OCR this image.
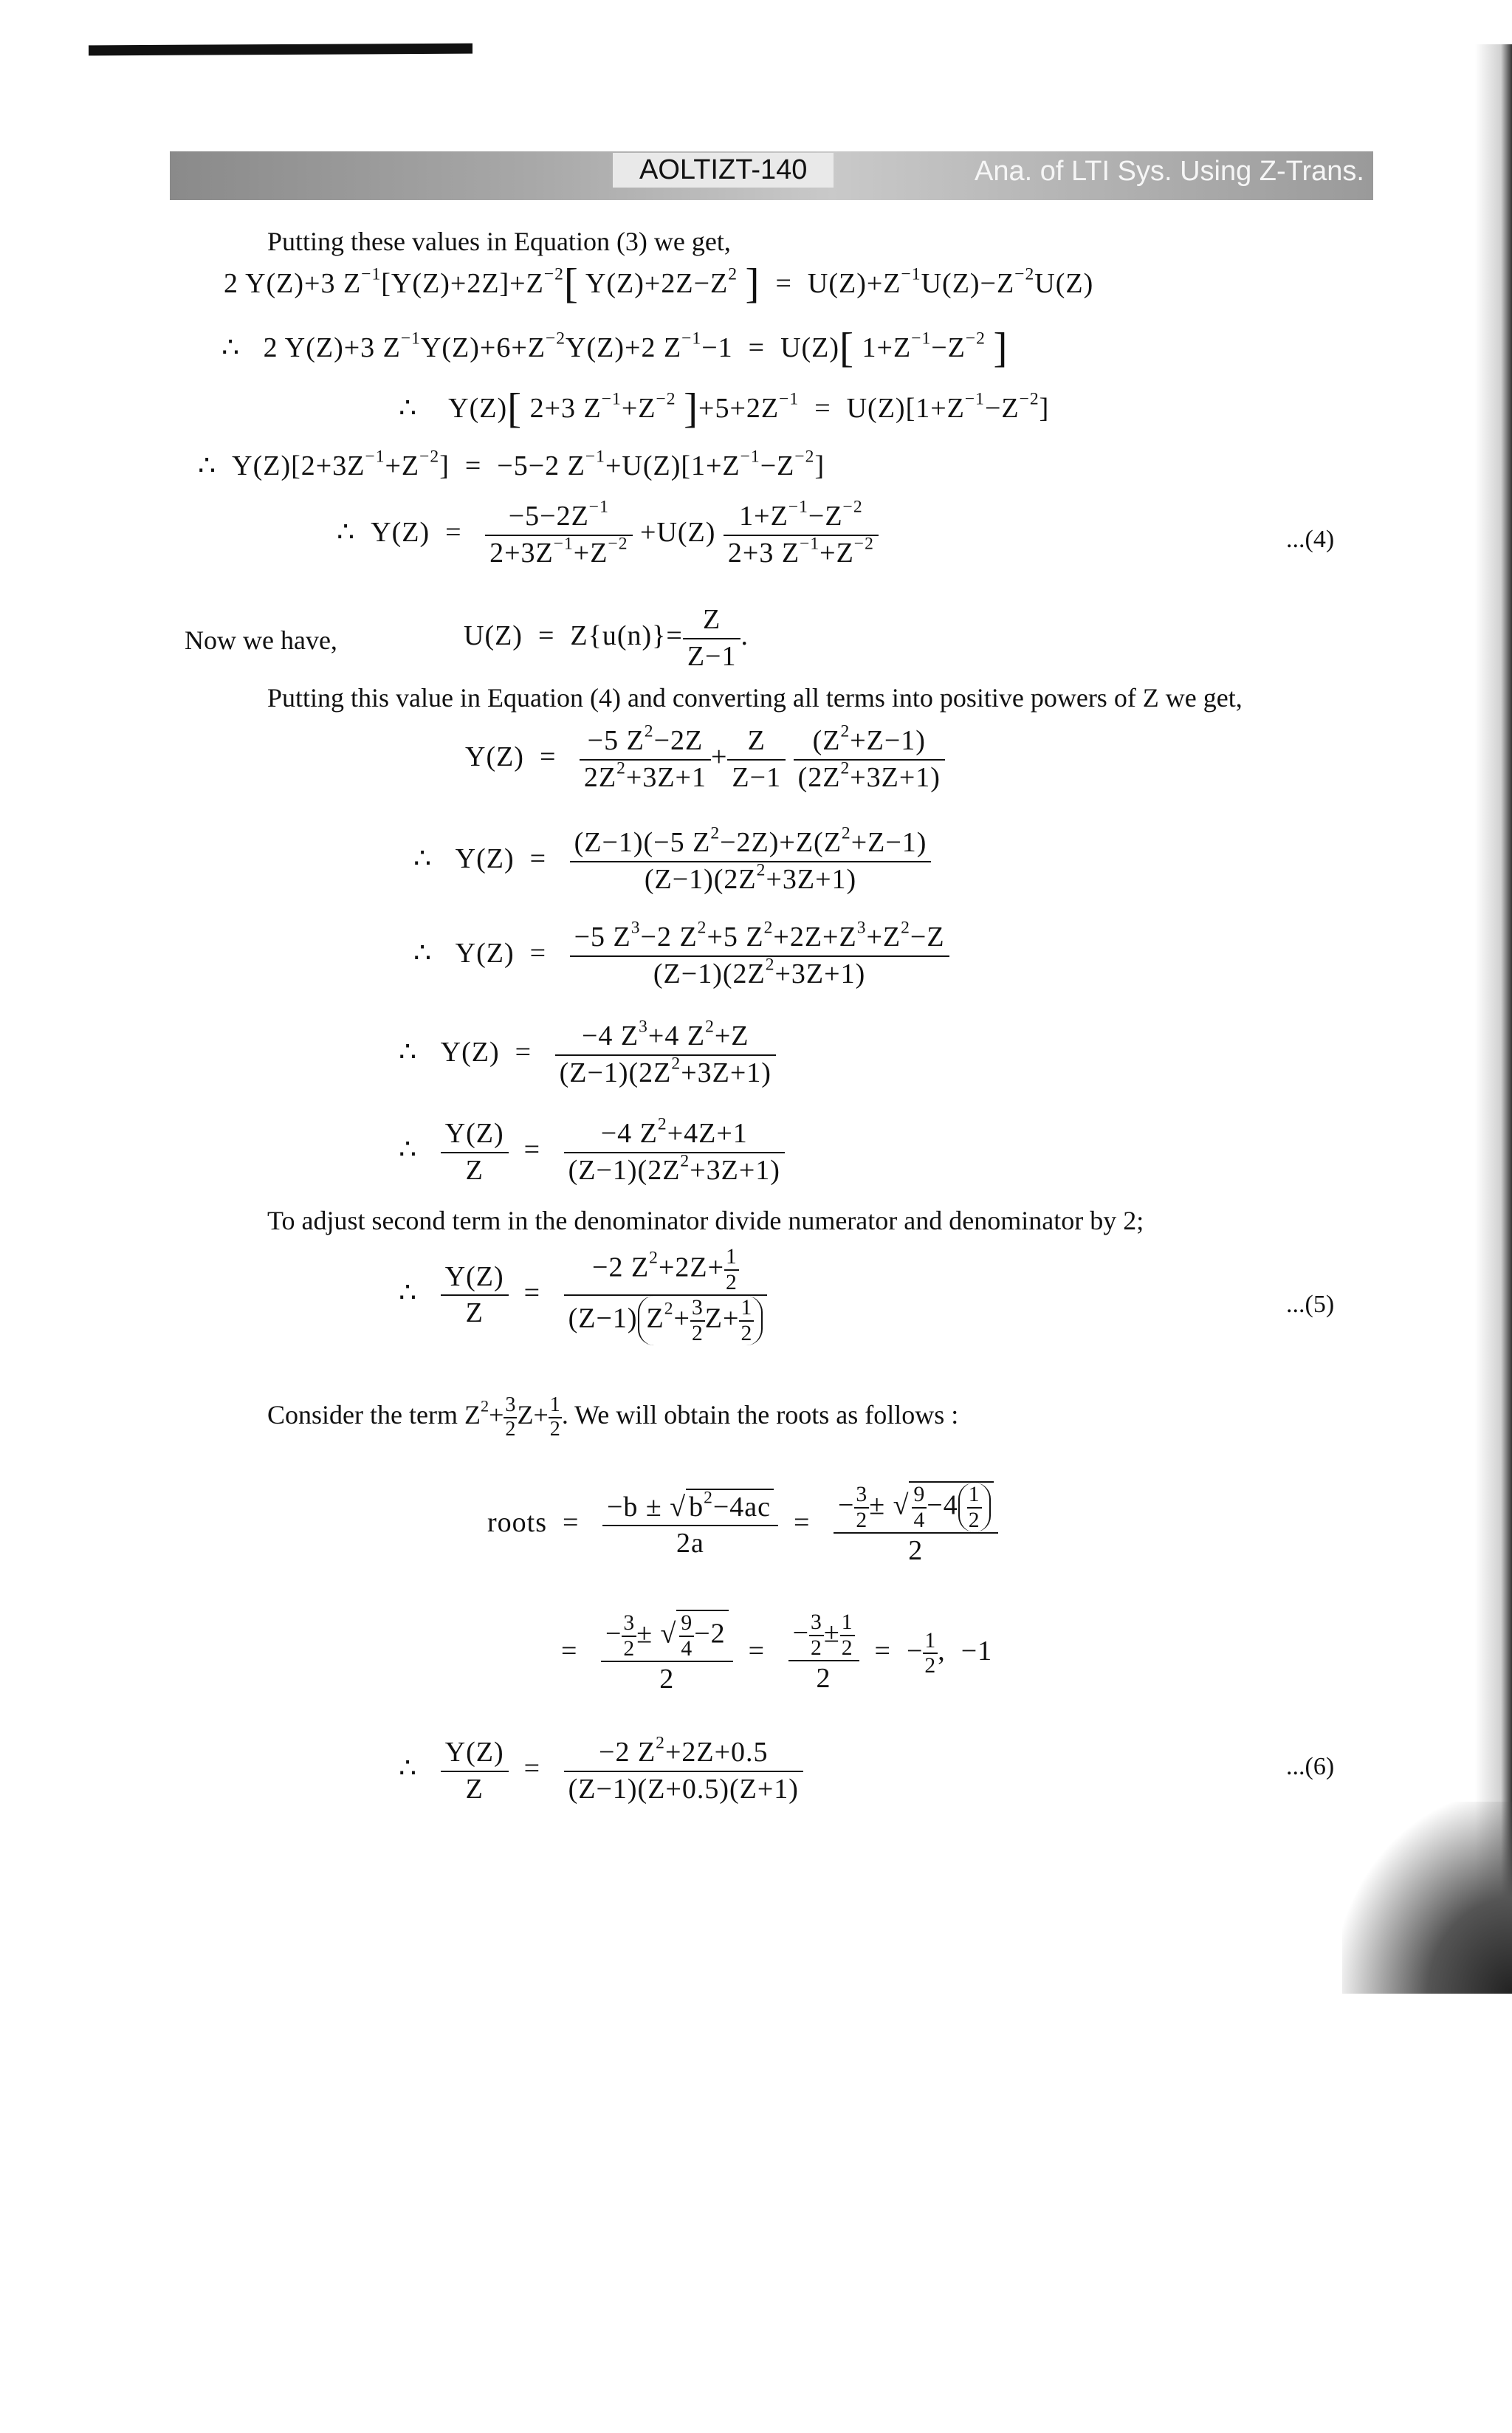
AOLTIZT-140	Ana. of LTI Sys. Using Z-Trans.
Putting these values in Equation (3) we get,
2 Y(Z)+3 $Z^{-1}[Y(Z)+2Z]+Z^{-2}$[ $Y(Z)+2Z-Z^2$ ]  =  $U(Z)+Z^{-1}U(Z)-Z^{-2}U(Z)$
∴   2 Y(Z)+3 $Z^{-1}Y(Z)+6+Z^{-2}Y(Z)+2$ $Z^{-1}-1 = U(Z)$[ $1+Z^{-1}-Z^{-2}$ ]
∴    Y(Z)[ 2+3 $Z^{-1}+Z^{-2}$ ]$+5+2Z^{-1} = U(Z)[1+Z^{-1}-Z^{-2}]$
∴  $Y(Z)[2+3Z^{-1}+Z^{-2}] = -5-2$ $Z^{-1}+U(Z)[1+Z^{-1}-Z^{-2}]$
∴  $Y(Z) = \frac{-5-2Z^{-1}}{2+3Z^{-1}+Z^{-2}} +U(Z) \frac{1+Z^{-1}-Z^{-2}}{2+3 Z^{-1}+Z^{-2}}$	...(4)
Now we have,	$U(Z) = Z\{u(n)\}= \frac{Z}{Z-1}$ .
Putting this value in Equation (4) and converting all terms into positive powers of Z we get,
$Y(Z) = \frac{-5 Z^2-2Z}{2Z^2+3Z+1} + \frac{Z}{Z-1}$
$\frac{(Z^2+Z-1)}{(2Z^2+3Z+1)}$
∴   $Y(Z) = \frac{(Z-1)(-5 Z^2-2Z)+Z(Z^2+Z-1)}{(Z-1)(2Z^2+3Z+1)}$
∴   $Y(Z) = \frac{-5 Z^3-2 Z^2+5 Z^2+2Z+Z^3+Z^2-Z}{(Z-1)(2Z^2+3Z+1)}$
∴   $Y(Z) = \frac{-4 Z^3+4 Z^2+Z}{(Z-1)(2Z^2+3Z+1)}$
∴ $\frac{Y(Z)}{Z} = \frac{-4 Z^2+4Z+1}{(Z-1)(2Z^2+3Z+1)}$
To adjust second term in the denominator divide numerator and denominator by 2;
∴ $\frac{Y(Z)}{Z} = \frac{-2 Z^2+2Z+ \frac{1}{2}}{(Z-1) Z^2+ \frac{3}{2} Z+ \frac{1}{2}}$	...(5)
Consider the term $Z^2+ \frac{3}{2} Z+ \frac{1}{2}$ . We will obtain the roots as follows :
roots  = $\frac{-b \pm √ b^2-4ac}{2a} = \frac{- \frac{3}{2} \pm √ \frac{9}{4} -4 \frac{1}{2}}{2}$
= $\frac{- \frac{3}{2} \pm √ \frac{9}{4} -2}{2} = \frac{- \frac{3}{2} \pm \frac{1}{2}}{2}$ =  − $\frac{1}{2}$ ,  −1
∴ $\frac{Y(Z)}{Z} = \frac{-2 Z^2+2Z+0.5}{(Z-1)(Z+0.5)(Z+1)}$	...(6)
